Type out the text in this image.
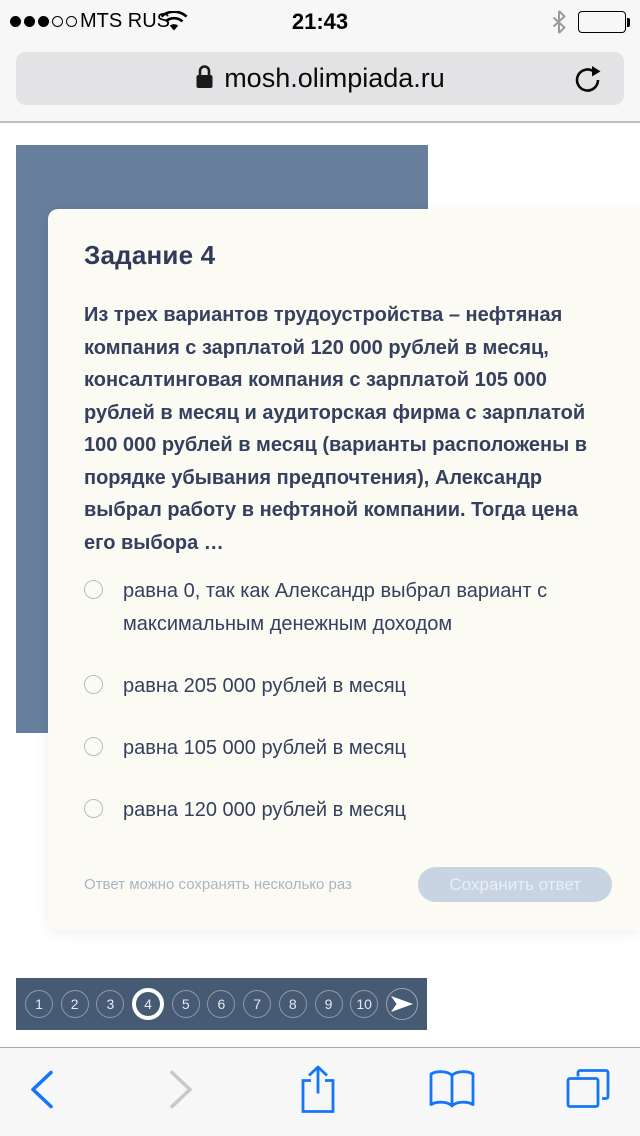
MTS RUS	21:43
mosh.olimpiada.ru
Задание 4
Из трех вариантов трудоустройства – нефтяная компания с зарплатой 120 000 рублей в месяц, консалтинговая компания с зарплатой 105 000 рублей в месяц и аудиторская фирма с зарплатой 100 000 рублей в месяц (варианты расположены в порядке убывания предпочтения), Александр выбрал работу в нефтяной компании. Тогда цена его выбора …
равна 0, так как Александр выбрал вариант с максимальным денежным доходом
равна 205 000 рублей в месяц
равна 105 000 рублей в месяц
равна 120 000 рублей в месяц
Ответ можно сохранять несколько раз	Сохранить ответ
1	2	3	4	5	6	7	8	9	10
